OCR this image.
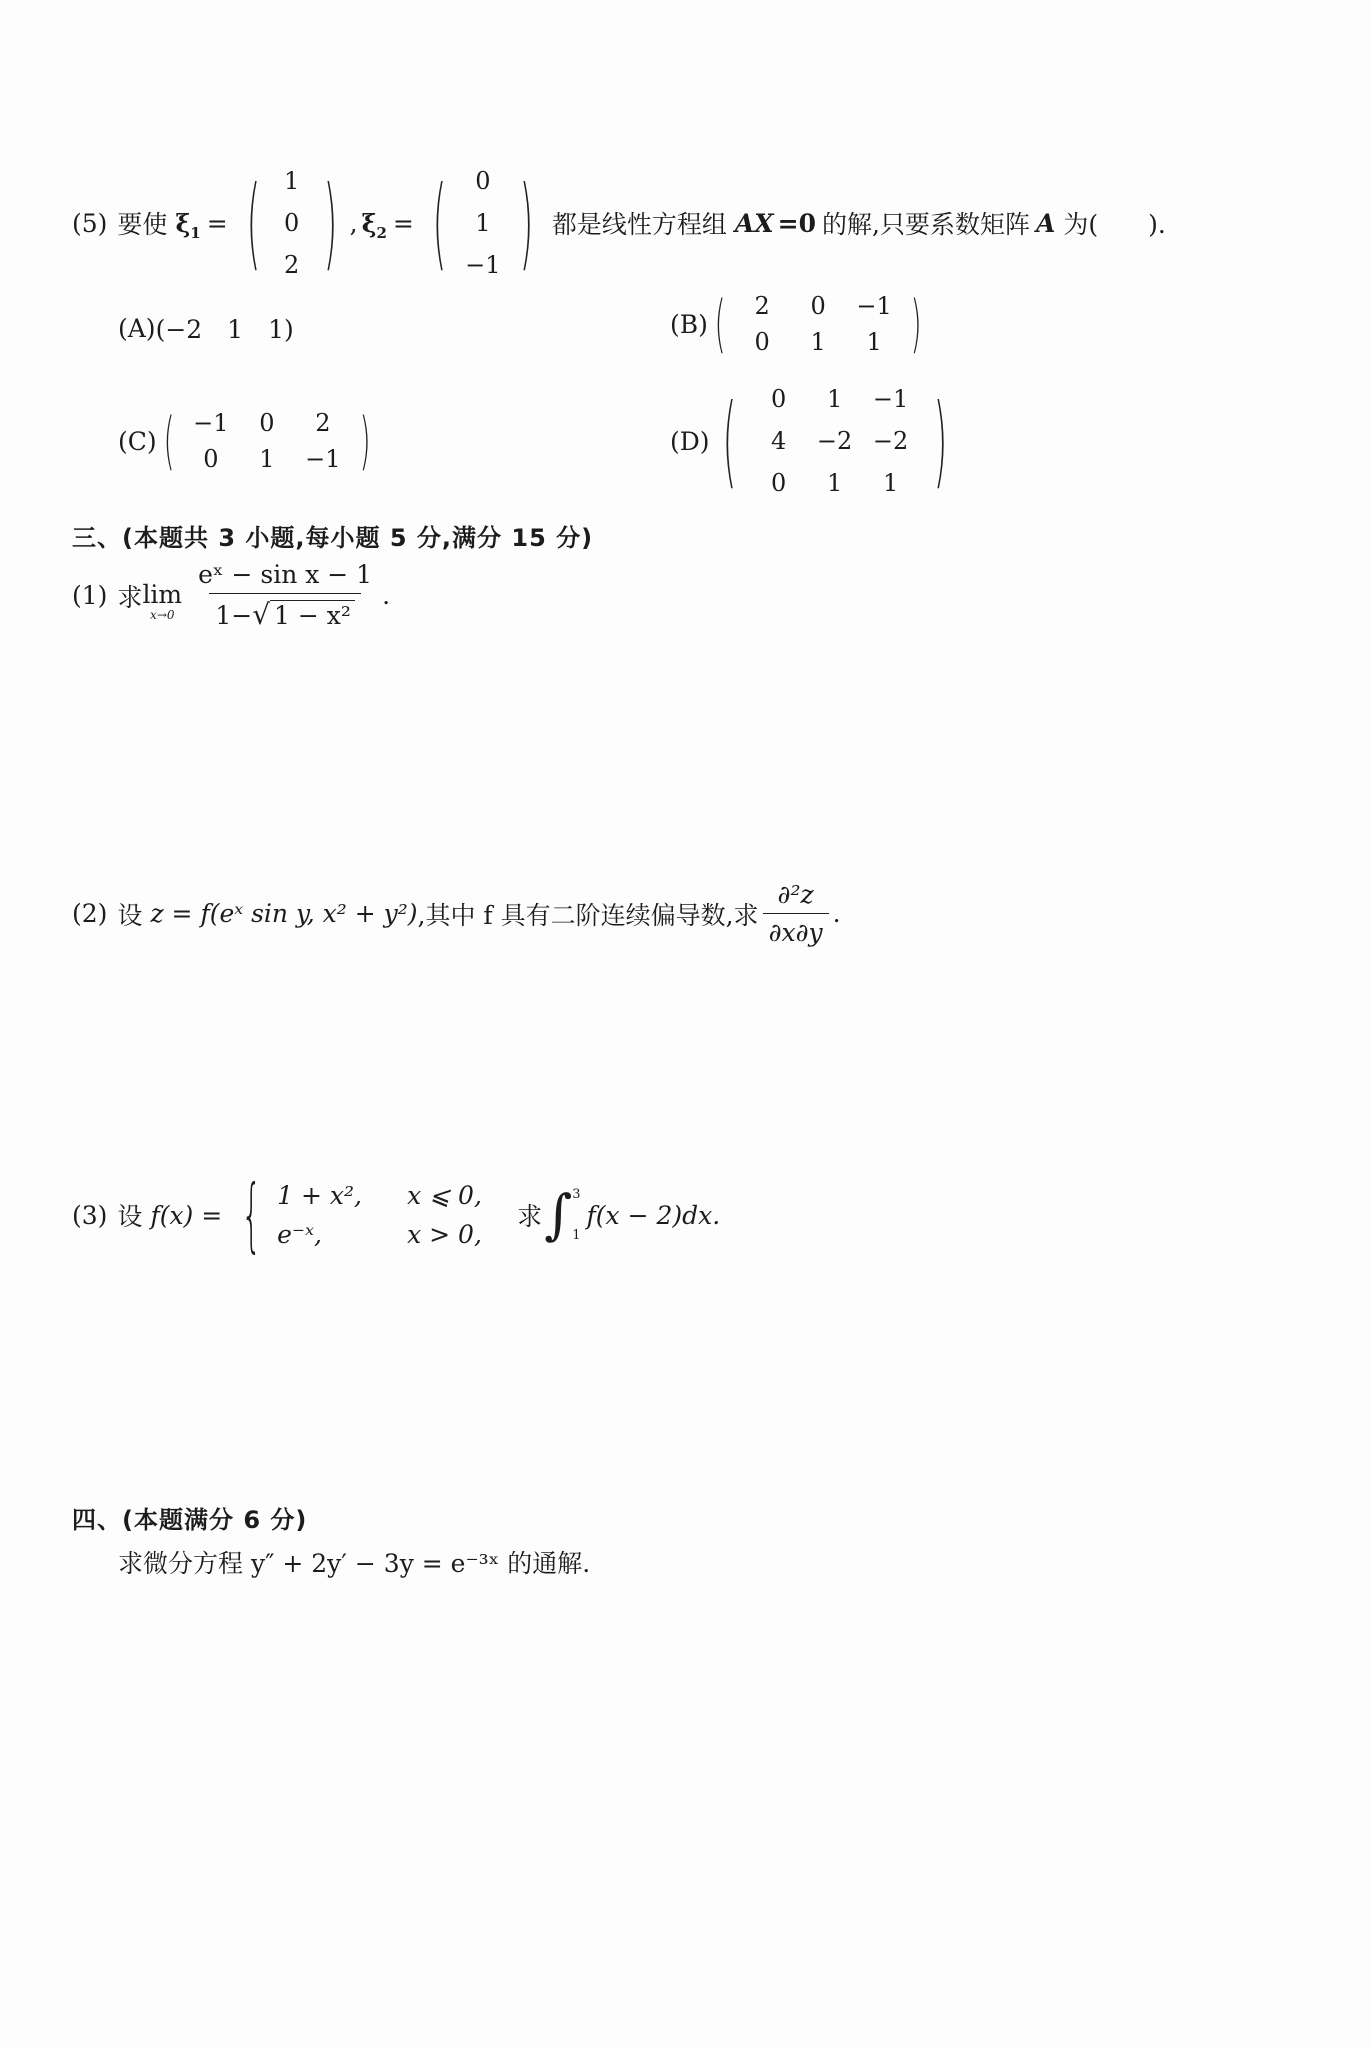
(5) 要使 $\xi_1$ = (	1
0
2 ) , $\xi_2$ = (	0
1
−1 ) 都是线性方程组 AX =0 的解,只要系数矩阵 A 为(　　).
(A) (−2　1　1)	(B) (	2	0	−1
0	1	1 )
(C) ( −1	0	2
0	1	−1 )	(D) (	0	1	−1
4	−2 −2
0	1	1 )
三、(本题共 3 小题,每小题 5 分,满分 15 分)
(1) 求 lim
$x\to 0 \frac{\text{eˣ − sin x − 1}}{\text{1−√ 1 − x²}}$ .
(2) 设 z = f(eˣ sin y, x² + y²) ,其中 f 具有二阶连续偏导数,求 $\frac{\text{∂²z}}{\partial x\partial y}$ .
(3) 设 f(x) = { 1 + x²,	x ⩽ 0,
e⁻ˣ,	x > 0,
求 ∫ 3
1
f(x − 2)dx.
四、(本题满分 6 分)
求微分方程 y″ + 2y′ − 3y = e⁻³ˣ 的通解.
